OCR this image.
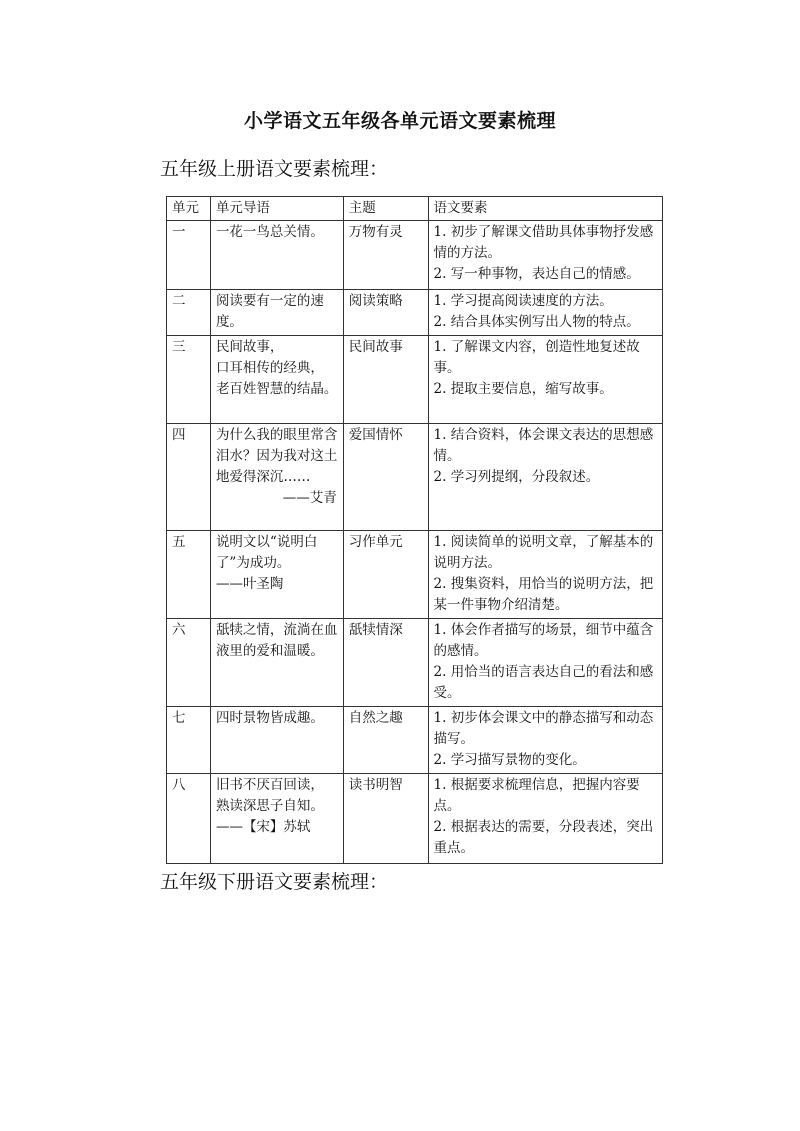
小学语文五年级各单元语文要素梳理
五年级上册语文要素梳理：
单元	单元导语	主题	语文要素
一	一花一鸟总关情。	万物有灵	1. 初步了解课文借助具体事物抒发感情的方法。
2. 写一种事物，表达自己的情感。

二	阅读要有一定的速度。	阅读策略	1. 学习提高阅读速度的方法。
2. 结合具体实例写出人物的特点。

三	民间故事，
口耳相传的经典，
老百姓智慧的结晶。	民间故事	1. 了解课文内容，创造性地复述故事。
2. 提取主要信息，缩写故事。

四	为什么我的眼里常含泪水？因为我对这土地爱得深沉……
——艾青	爱国情怀	1. 结合资料，体会课文表达的思想感情。
2. 学习列提纲，分段叙述。

五	说明文以“说明白了”为成功。
——叶圣陶	习作单元	1. 阅读简单的说明文章，了解基本的说明方法。
2. 搜集资料，用恰当的说明方法，把某一件事物介绍清楚。

六	舐犊之情，流淌在血液里的爱和温暖。	舐犊情深	1. 体会作者描写的场景，细节中蕴含的感情。
2. 用恰当的语言表达自己的看法和感受。

七	四时景物皆成趣。	自然之趣	1. 初步体会课文中的静态描写和动态描写。
2. 学习描写景物的变化。

八	旧书不厌百回读，
熟读深思子自知。
——【宋】苏轼	读书明智	1. 根据要求梳理信息，把握内容要点。
2. 根据表达的需要，分段表述，突出重点。
五年级下册语文要素梳理：
